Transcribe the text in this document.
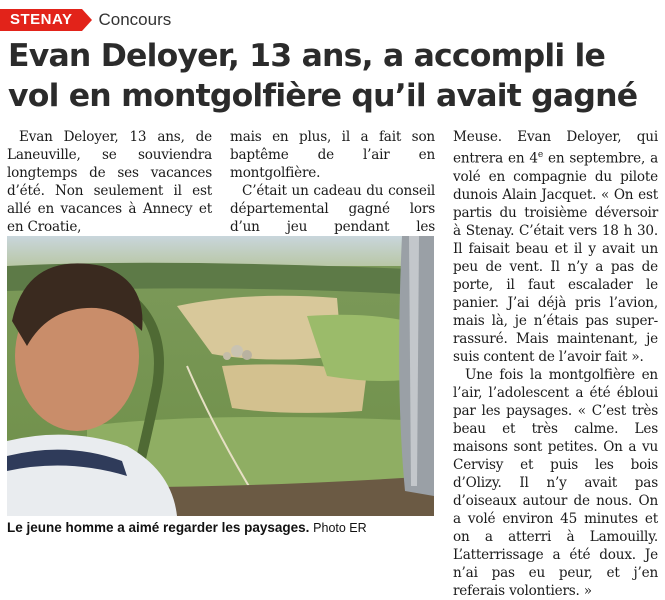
STENAY	Concours
Evan Deloyer, 13 ans, a accompli le vol en montgolfière qu’il avait gagné

Evan Deloyer, 13 ans, de Laneuville, se souviendra longtemps de ses vacances d’été. Non seulement il est allé en vacances à Annecy et en Croatie,

mais en plus, il a fait son baptême de l’air en montgolfière.

C’était un cadeau du conseil départemental gagné lors d’un jeu pendant les

Meuse. Evan Deloyer, qui entrera en 4e en septembre, a volé en compagnie du pilote dunois Alain Jacquet. « On est partis du troisième déversoir à Stenay. C’était vers 18 h 30. Il faisait beau et il y avait un peu de vent. Il n’y a pas de porte, il faut escalader le panier. J’ai déjà pris l’avion, mais là, je n’étais pas super-rassuré. Mais maintenant, je suis content de l’avoir fait ».

Une fois la montgolfière en l’air, l’adolescent a été ébloui par les paysages. « C’est très beau et très calme. Les maisons sont petites. On a vu Cervisy et puis les bois d’Olizy. Il n’y avait pas d’oiseaux autour de nous. On a volé environ 45 minutes et on a atterri à Lamouilly. L’atterrissage a été doux. Je n’ai pas eu peur, et j’en referais volontiers. »

Le jeune homme a aimé regarder les paysages. Photo ER
